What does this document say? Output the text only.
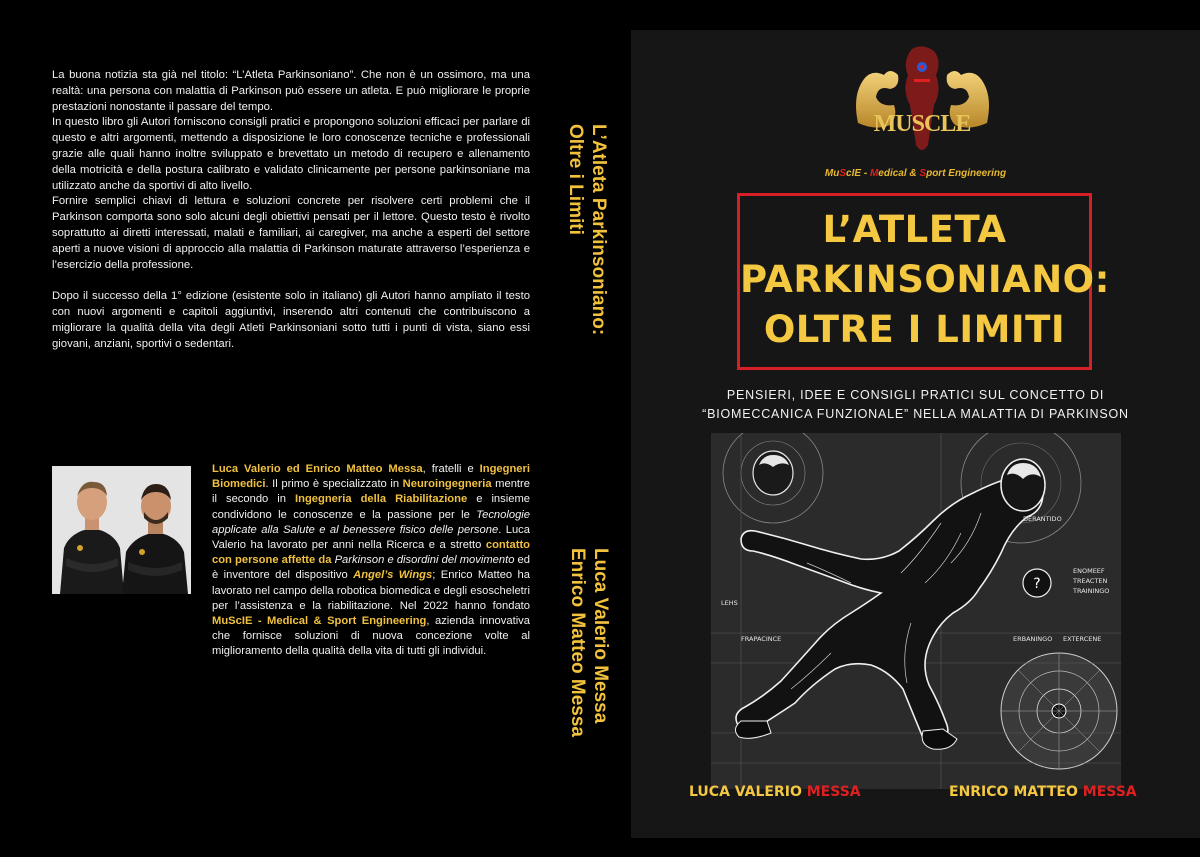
La buona notizia sta già nel titolo: “L’Atleta Parkinsoniano”. Che non è un ossimoro, ma una realtà: una persona con malattia di Parkinson può essere un atleta. E può migliorare le proprie prestazioni nonostante il passare del tempo.

In questo libro gli Autori forniscono consigli pratici e propongono soluzioni efficaci per parlare di questo e altri argomenti, mettendo a disposizione le loro conoscenze tecniche e professionali grazie alle quali hanno inoltre sviluppato e brevettato un metodo di recupero e allenamento della motricità e della postura calibrato e validato clinicamente per persone parkinsoniane ma utilizzato anche da sportivi di alto livello.

Fornire semplici chiavi di lettura e soluzioni concrete per risolvere certi problemi che il Parkinson comporta sono solo alcuni degli obiettivi pensati per il lettore. Questo testo è rivolto soprattutto ai diretti interessati, malati e familiari, ai caregiver, ma anche a esperti del settore aperti a nuove visioni di approccio alla malattia di Parkinson maturate attraverso l’esperienza e l’esercizio della professione.

Dopo il successo della 1° edizione (esistente solo in italiano) gli Autori hanno ampliato il testo con nuovi argomenti e capitoli aggiuntivi, inserendo altri contenuti che contribuiscono a migliorare la qualità della vita degli Atleti Parkinsoniani sotto tutti i punti di vista, siano essi giovani, anziani, sportivi o sedentari.

Luca Valerio ed Enrico Matteo Messa, fratelli e Ingegneri Biomedici. Il primo è specializzato in Neuroingegneria mentre il secondo in Ingegneria della Riabilitazione e insieme condividono le conoscenze e la passione per le Tecnologie applicate alla Salute e al benessere fisico delle persone. Luca Valerio ha lavorato per anni nella Ricerca e a stretto contatto con persone affette da Parkinson e disordini del movimento ed è inventore del dispositivo Angel’s Wings; Enrico Matteo ha lavorato nel campo della robotica biomedica e degli esoscheletri per l’assistenza e la riabilitazione. Nel 2022 hanno fondato MuScIE - Medical & Sport Engineering, azienda innovativa che fornisce soluzioni di nuova concezione volte al miglioramento della qualità della vita di tutti gli individui.
L’Atleta Parkinsoniano:
Oltre i Limiti
Luca Valerio Messa
Enrico Matteo Messa
MUSCLE
MuScIE - Medical & Sport Engineering
L’ATLETA
PARKINSONIANO:
OLTRE I LIMITI
PENSIERI, IDEE E CONSIGLI PRATICI SUL CONCETTO DI
“BIOMECCANICA FUNZIONALE” NELLA MALATTIA DI PARKINSON
?
DERANTIDO
ENOMEEF
TREACTEN
TRAININGO
FRAPACINCE	ERBANINGO EXTERCENE
LEHS
LUCA VALERIO MESSA	ENRICO MATTEO MESSA
